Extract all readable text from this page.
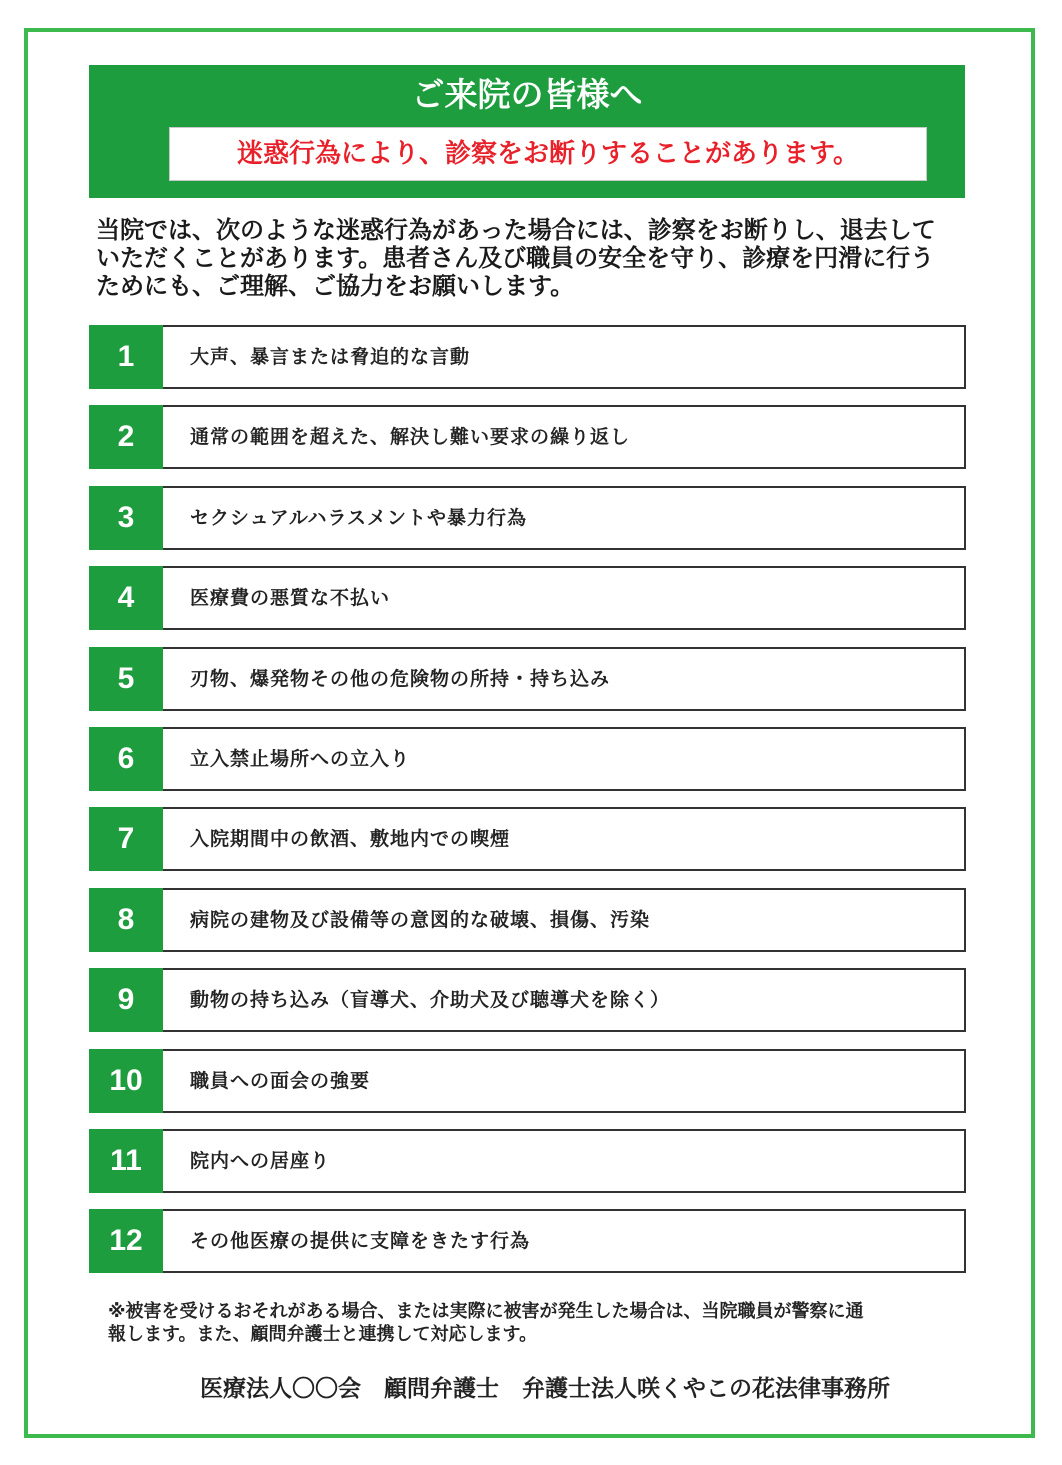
ご来院の皆様へ
迷惑行為により、診察をお断りすることがあります。
当院では、次のような迷惑行為があった場合には、診察をお断りし、退去して
いただくことがあります。患者さん及び職員の安全を守り、診療を円滑に行う
ためにも、ご理解、ご協力をお願いします。
1	大声、暴言または脅迫的な言動
2	通常の範囲を超えた、解決し難い要求の繰り返し
3	セクシュアルハラスメントや暴力行為
4	医療費の悪質な不払い
5	刃物、爆発物その他の危険物の所持・持ち込み
6	立入禁止場所への立入り
7	入院期間中の飲酒、敷地内での喫煙
8	病院の建物及び設備等の意図的な破壊、損傷、汚染
9	動物の持ち込み（盲導犬、介助犬及び聴導犬を除く）
10	職員への面会の強要
11	院内への居座り
12	その他医療の提供に支障をきたす行為
※被害を受けるおそれがある場合、または実際に被害が発生した場合は、当院職員が警察に通
報します。また、顧問弁護士と連携して対応します。
医療法人〇〇会　顧問弁護士　弁護士法人咲くやこの花法律事務所
